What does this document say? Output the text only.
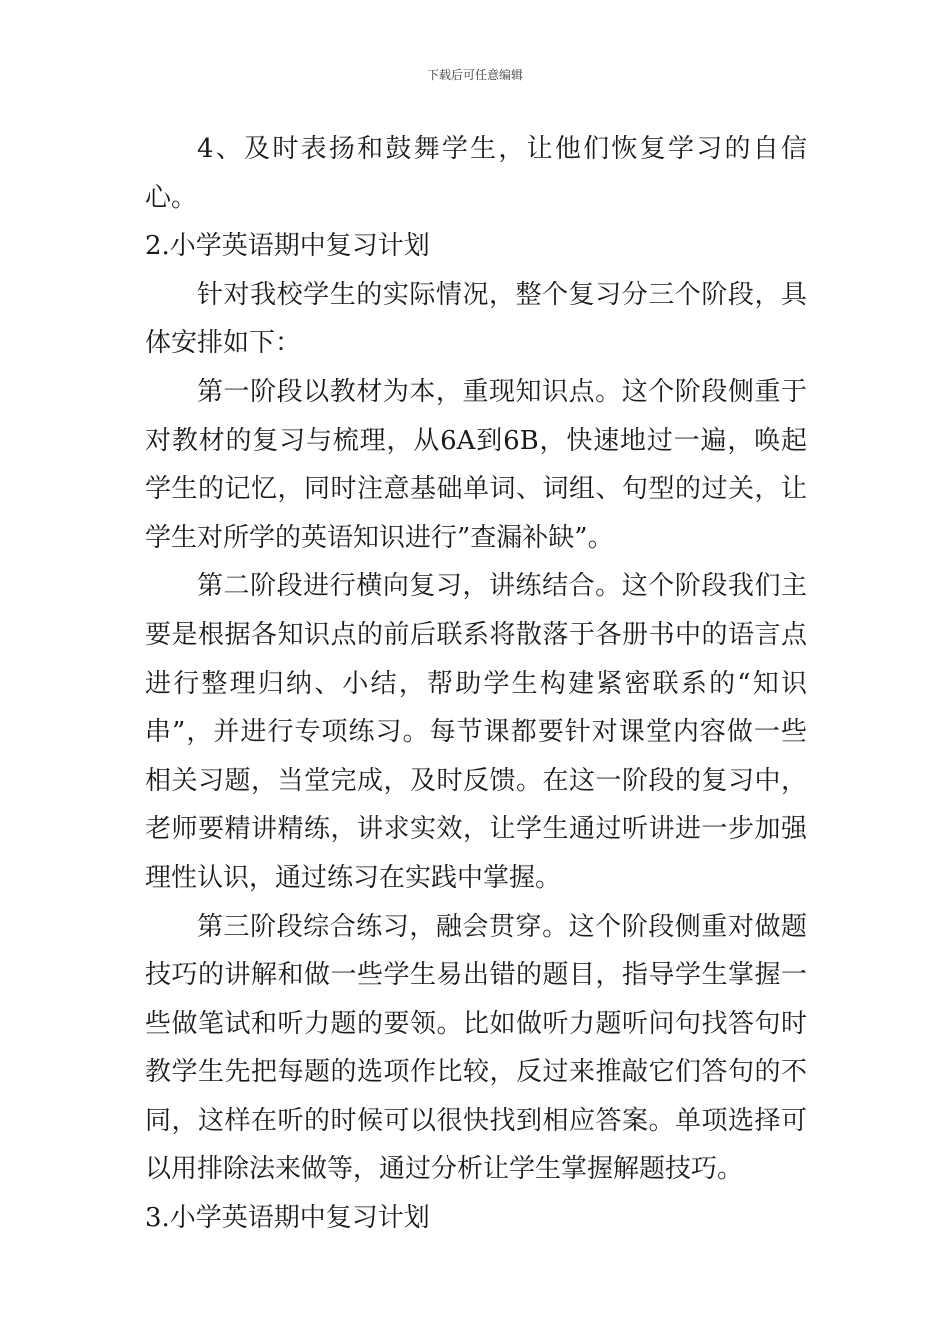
下载后可任意编辑

4、及时表扬和鼓舞学生，让他们恢复学习的自信心。

2.小学英语期中复习计划

针对我校学生的实际情况，整个复习分三个阶段，具体安排如下：

第一阶段以教材为本，重现知识点。这个阶段侧重于对教材的复习与梳理，从6A到6B，快速地过一遍，唤起学生的记忆，同时注意基础单词、词组、句型的过关，让学生对所学的英语知识进行”查漏补缺”。

第二阶段进行横向复习，讲练结合。这个阶段我们主要是根据各知识点的前后联系将散落于各册书中的语言点进行整理归纳、小结，帮助学生构建紧密联系的“知识串”，并进行专项练习。每节课都要针对课堂内容做一些相关习题，当堂完成，及时反馈。在这一阶段的复习中，老师要精讲精练，讲求实效，让学生通过听讲进一步加强理性认识，通过练习在实践中掌握。

第三阶段综合练习，融会贯穿。这个阶段侧重对做题技巧的讲解和做一些学生易出错的题目，指导学生掌握一些做笔试和听力题的要领。比如做听力题听问句找答句时教学生先把每题的选项作比较，反过来推敲它们答句的不同，这样在听的时候可以很快找到相应答案。单项选择可以用排除法来做等，通过分析让学生掌握解题技巧。

3.小学英语期中复习计划
